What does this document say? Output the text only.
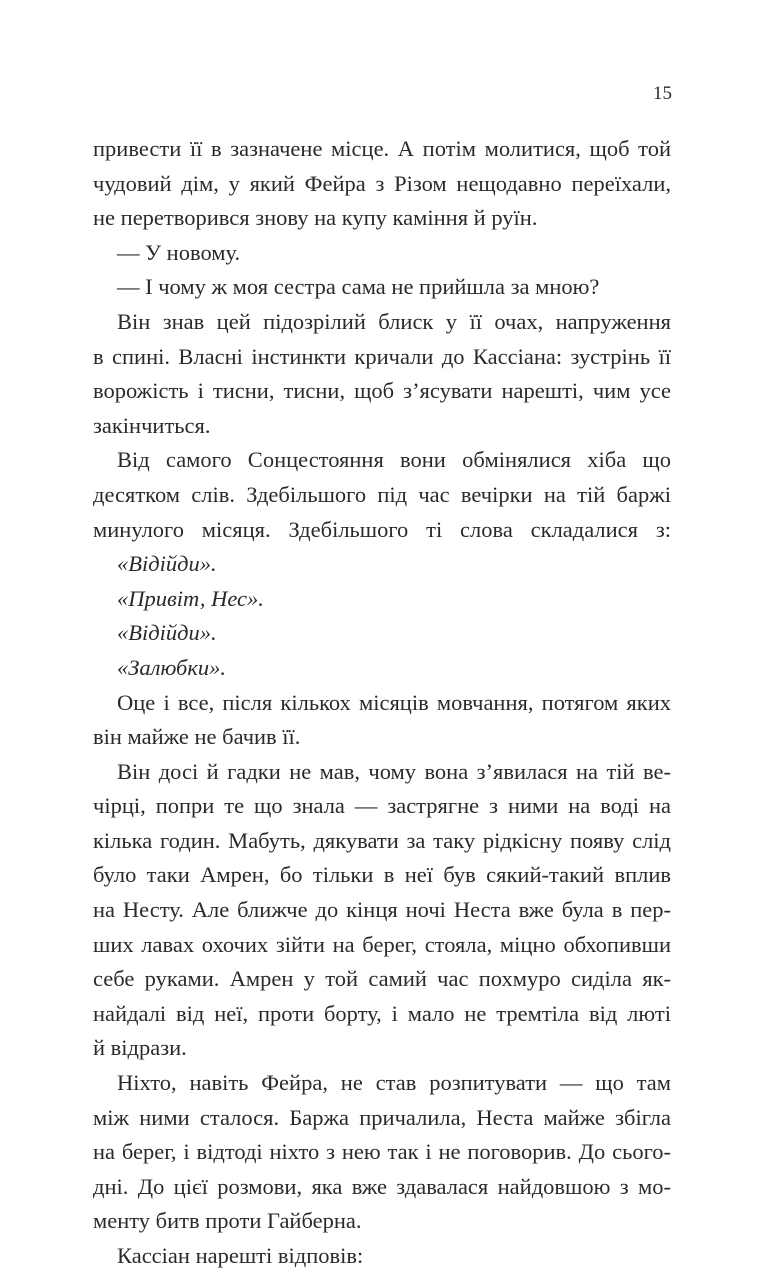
15
привести її в зазначене місце. А потім молитися, щоб той
чудовий дім, у який Фейра з Різом нещодавно переїхали,
не перетворився знову на купу каміння й руїн.
— У новому.
— І чому ж моя сестра сама не прийшла за мною?
Він знав цей підозрілий блиск у її очах, напруження
в спині. Власні інстинкти кричали до Кассіана: зустрінь її
ворожість і тисни, тисни, щоб з’ясувати нарешті, чим усе
закінчиться.
Від самого Сонцестояння вони обмінялися хіба що
десятком слів. Здебільшого під час вечірки на тій баржі
минулого місяця. Здебільшого ті слова складалися з:
«Відійди».
«Привіт, Нес».
«Відійди».
«Залюбки».
Оце і все, після кількох місяців мовчання, потягом яких
він майже не бачив її.
Він досі й гадки не мав, чому вона з’явилася на тій ве-
чірці, попри те що знала — застрягне з ними на воді на
кілька годин. Мабуть, дякувати за таку рідкісну появу слід
було таки Амрен, бо тільки в неї був сякий-такий вплив
на Несту. Але ближче до кінця ночі Неста вже була в пер-
ших лавах охочих зійти на берег, стояла, міцно обхопивши
себе руками. Амрен у той самий час похмуро сиділа як-
найдалі від неї, проти борту, і мало не тремтіла від люті
й відрази.
Ніхто, навіть Фейра, не став розпитувати — що там
між ними сталося. Баржа причалила, Неста майже збігла
на берег, і відтоді ніхто з нею так і не поговорив. До сього-
дні. До цієї розмови, яка вже здавалася найдовшою з мо-
менту битв проти Гайберна.
Кассіан нарешті відповів:
